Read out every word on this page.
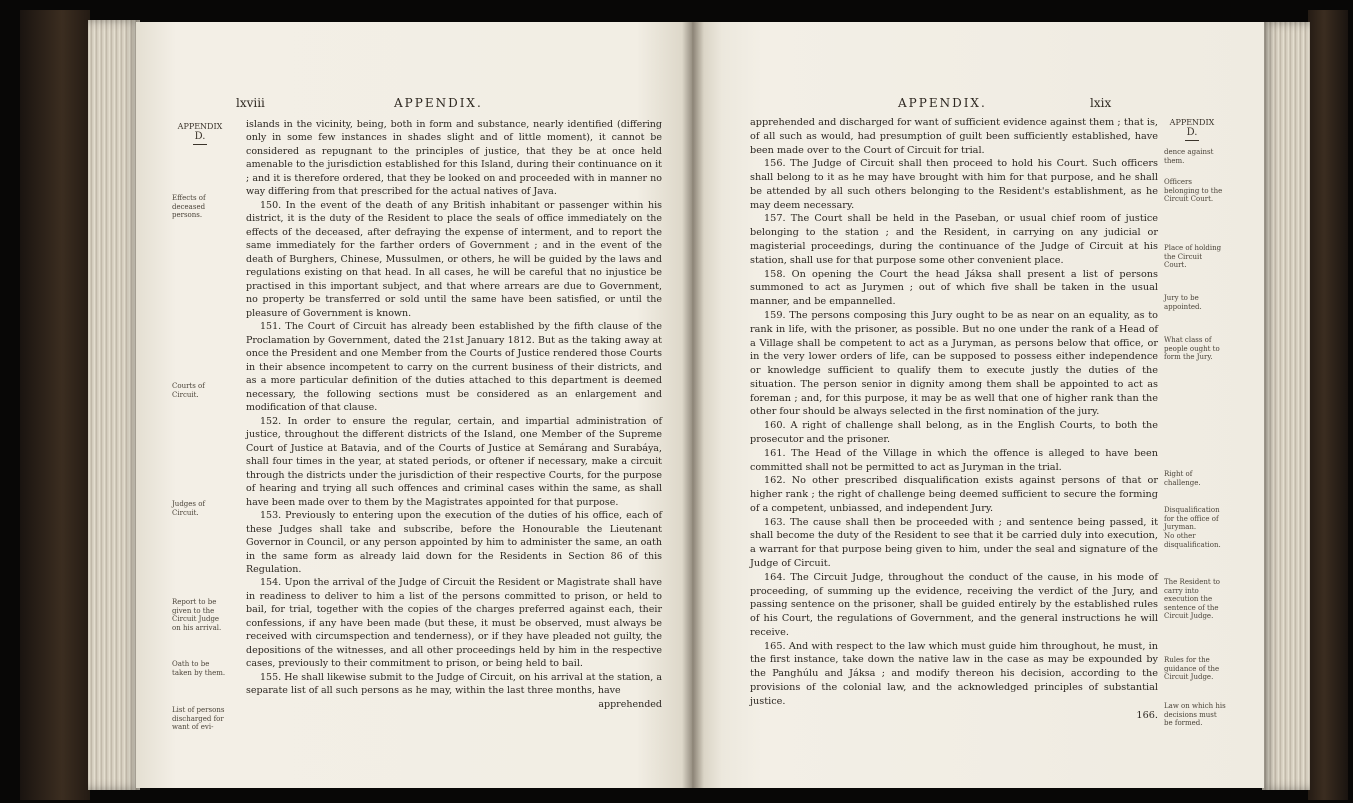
lxviii	APPENDIX.
APPENDIX
D.
Effects of deceased persons.
Courts of Circuit.
Judges of Circuit.
Oath to be taken by them.
Report to be given to the Circuit Judge on his arrival.
List of persons discharged for want of evi-

islands in the vicinity, being, both in form and substance, nearly identified (differing only in some few instances in shades slight and of little moment), it cannot be considered as repugnant to the principles of justice, that they be at once held amenable to the jurisdiction established for this Island, during their continuance on it ; and it is therefore ordered, that they be looked on and proceeded with in manner no way differing from that prescribed for the actual natives of Java.

150. In the event of the death of any British inhabitant or passenger within his district, it is the duty of the Resident to place the seals of office immediately on the effects of the deceased, after defraying the expense of interment, and to report the same immediately for the farther orders of Government ; and in the event of the death of Burghers, Chinese, Mussulmen, or others, he will be guided by the laws and regulations existing on that head. In all cases, he will be careful that no injustice be practised in this important subject, and that where arrears are due to Government, no property be transferred or sold until the same have been satisfied, or until the pleasure of Government is known.

151. The Court of Circuit has already been established by the fifth clause of the Proclamation by Government, dated the 21st January 1812. But as the taking away at once the President and one Member from the Courts of Justice rendered those Courts in their absence incompetent to carry on the current business of their districts, and as a more particular definition of the duties attached to this department is deemed necessary, the following sections must be considered as an enlargement and modification of that clause.

152. In order to ensure the regular, certain, and impartial administration of justice, throughout the different districts of the Island, one Member of the Supreme Court of Justice at Batavia, and of the Courts of Justice at Semárang and Surabáya, shall four times in the year, at stated periods, or oftener if necessary, make a circuit through the districts under the jurisdiction of their respective Courts, for the purpose of hearing and trying all such offences and criminal cases within the same, as shall have been made over to them by the Magistrates appointed for that purpose.

153. Previously to entering upon the execution of the duties of his office, each of these Judges shall take and subscribe, before the Honourable the Lieutenant Governor in Council, or any person appointed by him to administer the same, an oath in the same form as already laid down for the Residents in Section 86 of this Regulation.

154. Upon the arrival of the Judge of Circuit the Resident or Magistrate shall have in readiness to deliver to him a list of the persons committed to prison, or held to bail, for trial, together with the copies of the charges preferred against each, their confessions, if any have been made (but these, it must be observed, must always be received with circumspection and tenderness), or if they have pleaded not guilty, the depositions of the witnesses, and all other proceedings held by him in the respective cases, previously to their commitment to prison, or being held to bail.

155. He shall likewise submit to the Judge of Circuit, on his arrival at the station, a separate list of all such persons as he may, within the last three months, have

apprehended
APPENDIX.	lxix
APPENDIX
D.
dence against them.
Officers belonging to the Circuit Court.
Place of holding the Circuit Court.
Jury to be appointed.
What class of people ought to form the Jury.
Right of challenge.
Disqualification for the office of Juryman.
No other disqualification.
The Resident to carry into execution the sentence of the Circuit Judge.
Rules for the guidance of the Circuit Judge.
Law on which his decisions must be formed.

apprehended and discharged for want of sufficient evidence against them ; that is, of all such as would, had presumption of guilt been sufficiently established, have been made over to the Court of Circuit for trial.

156. The Judge of Circuit shall then proceed to hold his Court. Such officers shall belong to it as he may have brought with him for that purpose, and he shall be attended by all such others belonging to the Resident's establishment, as he may deem necessary.

157. The Court shall be held in the Paseban, or usual chief room of justice belonging to the station ; and the Resident, in carrying on any judicial or magisterial proceedings, during the continuance of the Judge of Circuit at his station, shall use for that purpose some other convenient place.

158. On opening the Court the head Jáksa shall present a list of persons summoned to act as Jurymen ; out of which five shall be taken in the usual manner, and be empannelled.

159. The persons composing this Jury ought to be as near on an equality, as to rank in life, with the prisoner, as possible. But no one under the rank of a Head of a Village shall be competent to act as a Juryman, as persons below that office, or in the very lower orders of life, can be supposed to possess either independence or knowledge sufficient to qualify them to execute justly the duties of the situation. The person senior in dignity among them shall be appointed to act as foreman ; and, for this purpose, it may be as well that one of higher rank than the other four should be always selected in the first nomination of the jury.

160. A right of challenge shall belong, as in the English Courts, to both the prosecutor and the prisoner.

161. The Head of the Village in which the offence is alleged to have been committed shall not be permitted to act as Juryman in the trial.

162. No other prescribed disqualification exists against persons of that or higher rank ; the right of challenge being deemed sufficient to secure the forming of a competent, unbiassed, and independent Jury.

163. The cause shall then be proceeded with ; and sentence being passed, it shall become the duty of the Resident to see that it be carried duly into execution, a warrant for that purpose being given to him, under the seal and signature of the Judge of Circuit.

164. The Circuit Judge, throughout the conduct of the cause, in his mode of proceeding, of summing up the evidence, receiving the verdict of the Jury, and passing sentence on the prisoner, shall be guided entirely by the established rules of his Court, the regulations of Government, and the general instructions he will receive.

165. And with respect to the law which must guide him throughout, he must, in the first instance, take down the native law in the case as may be expounded by the Panghúlu and Jáksa ; and modify thereon his decision, according to the provisions of the colonial law, and the acknowledged principles of substantial justice.

166.
